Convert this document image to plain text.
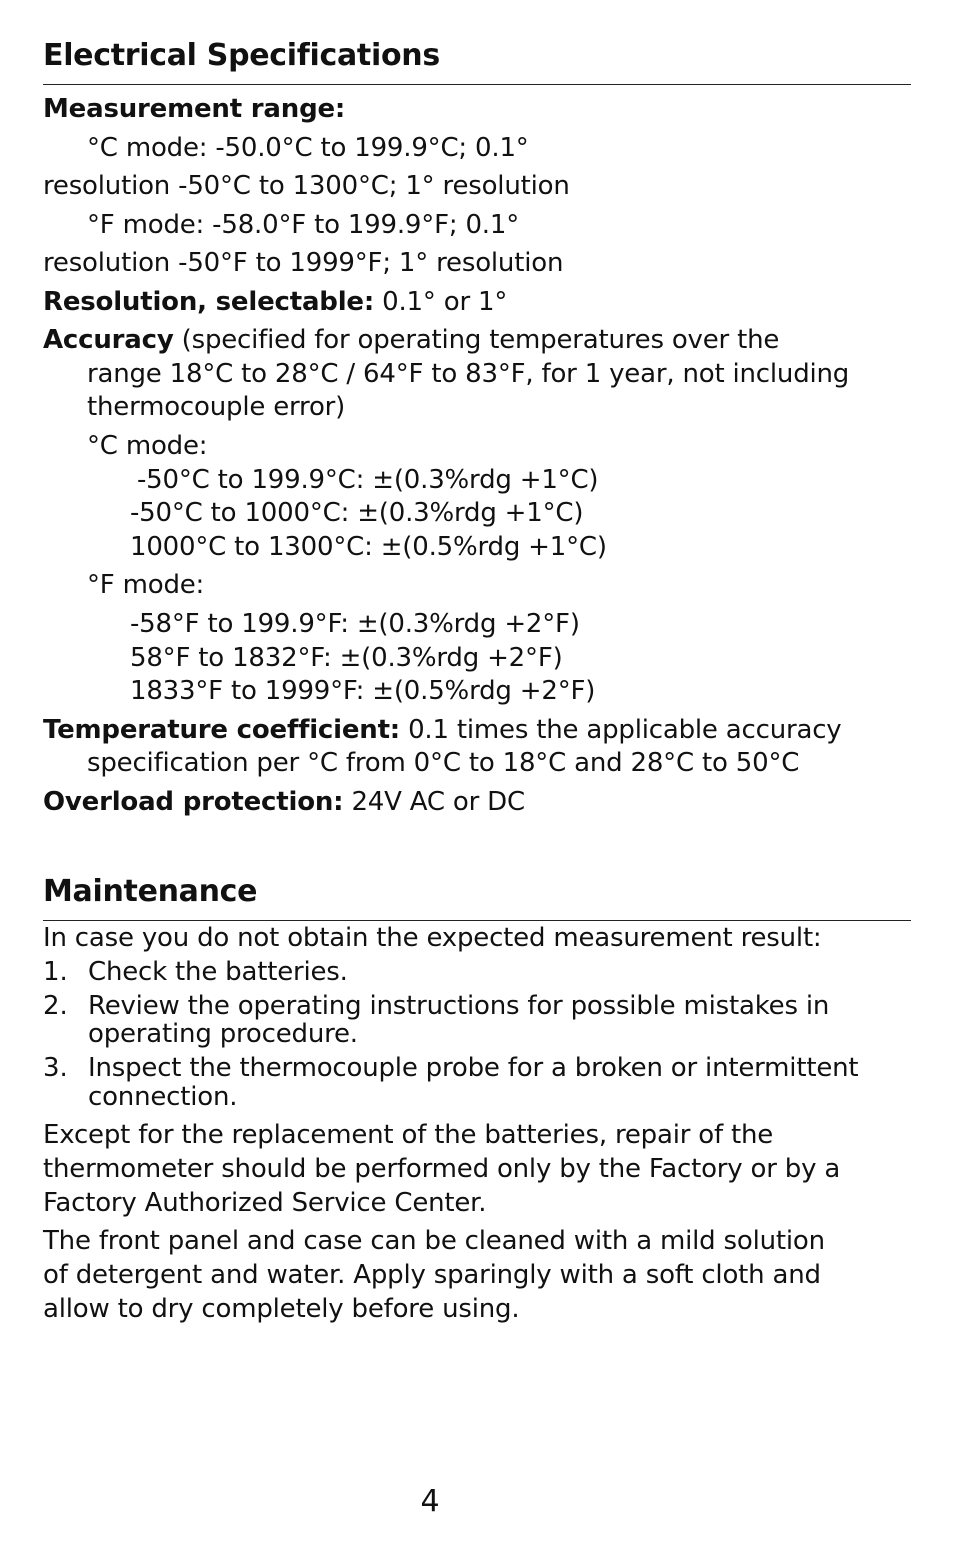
Electrical Specifications
Measurement range:
°C mode: -50.0°C to 199.9°C; 0.1°
resolution -50°C to 1300°C; 1° resolution
°F mode: -58.0°F to 199.9°F; 0.1°
resolution -50°F to 1999°F; 1° resolution
Resolution, selectable: 0.1° or 1°
Accuracy (specified for operating temperatures over the
range 18°C to 28°C / 64°F to 83°F, for 1 year, not including
thermocouple error)
°C mode:
-50°C to 199.9°C: ±(0.3%rdg +1°C)
-50°C to 1000°C: ±(0.3%rdg +1°C)
1000°C to 1300°C: ±(0.5%rdg +1°C)
°F mode:
-58°F to 199.9°F: ±(0.3%rdg +2°F)
58°F to 1832°F: ±(0.3%rdg +2°F)
1833°F to 1999°F: ±(0.5%rdg +2°F)
Temperature coefficient: 0.1 times the applicable accuracy
specification per °C from 0°C to 18°C and 28°C to 50°C
Overload protection: 24V AC or DC
Maintenance
In case you do not obtain the expected measurement result:
1. Check the batteries.
2. Review the operating instructions for possible mistakes in
operating procedure.
3. Inspect the thermocouple probe for a broken or intermittent
connection.
Except for the replacement of the batteries, repair of the
thermometer should be performed only by the Factory or by a
Factory Authorized Service Center.
The front panel and case can be cleaned with a mild solution
of detergent and water. Apply sparingly with a soft cloth and
allow to dry completely before using.
4
